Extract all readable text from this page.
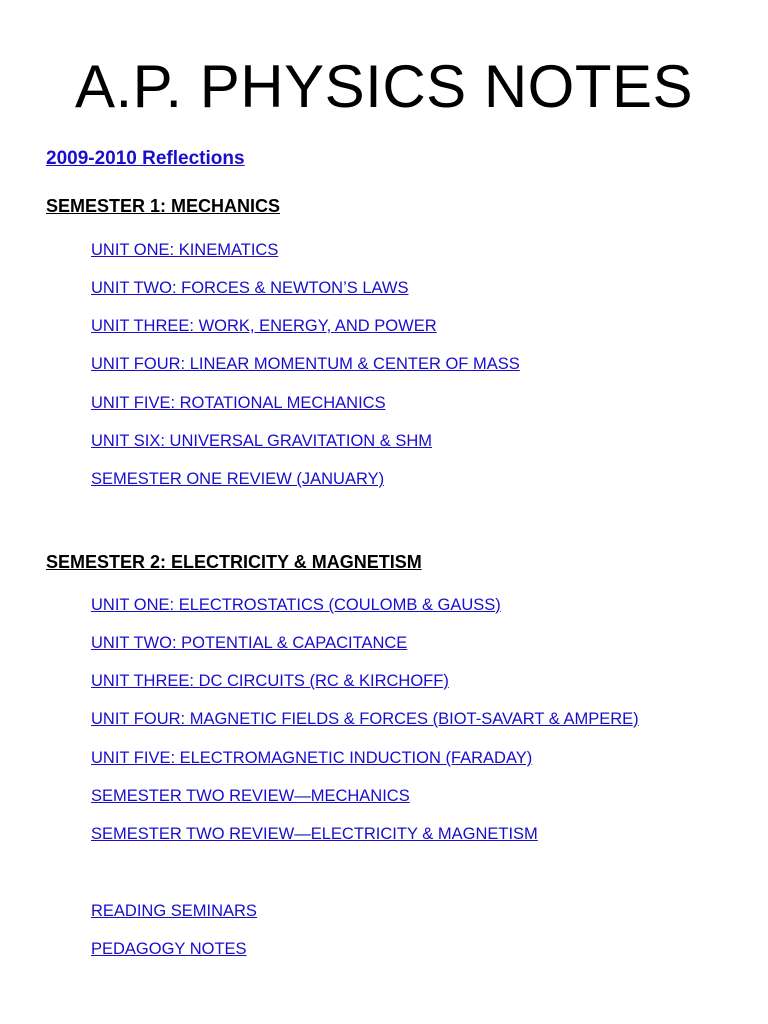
A.P. PHYSICS NOTES
2009-2010 Reflections
SEMESTER 1: MECHANICS
UNIT ONE: KINEMATICS
UNIT TWO: FORCES & NEWTON’S LAWS
UNIT THREE: WORK, ENERGY, AND POWER
UNIT FOUR: LINEAR MOMENTUM & CENTER OF MASS
UNIT FIVE: ROTATIONAL MECHANICS
UNIT SIX: UNIVERSAL GRAVITATION & SHM
SEMESTER ONE REVIEW (JANUARY)
SEMESTER 2: ELECTRICITY & MAGNETISM
UNIT ONE: ELECTROSTATICS (COULOMB & GAUSS)
UNIT TWO: POTENTIAL & CAPACITANCE
UNIT THREE: DC CIRCUITS (RC & KIRCHOFF)
UNIT FOUR: MAGNETIC FIELDS & FORCES (BIOT-SAVART & AMPERE)
UNIT FIVE: ELECTROMAGNETIC INDUCTION (FARADAY)
SEMESTER TWO REVIEW—MECHANICS
SEMESTER TWO REVIEW—ELECTRICITY & MAGNETISM
READING SEMINARS
PEDAGOGY NOTES
